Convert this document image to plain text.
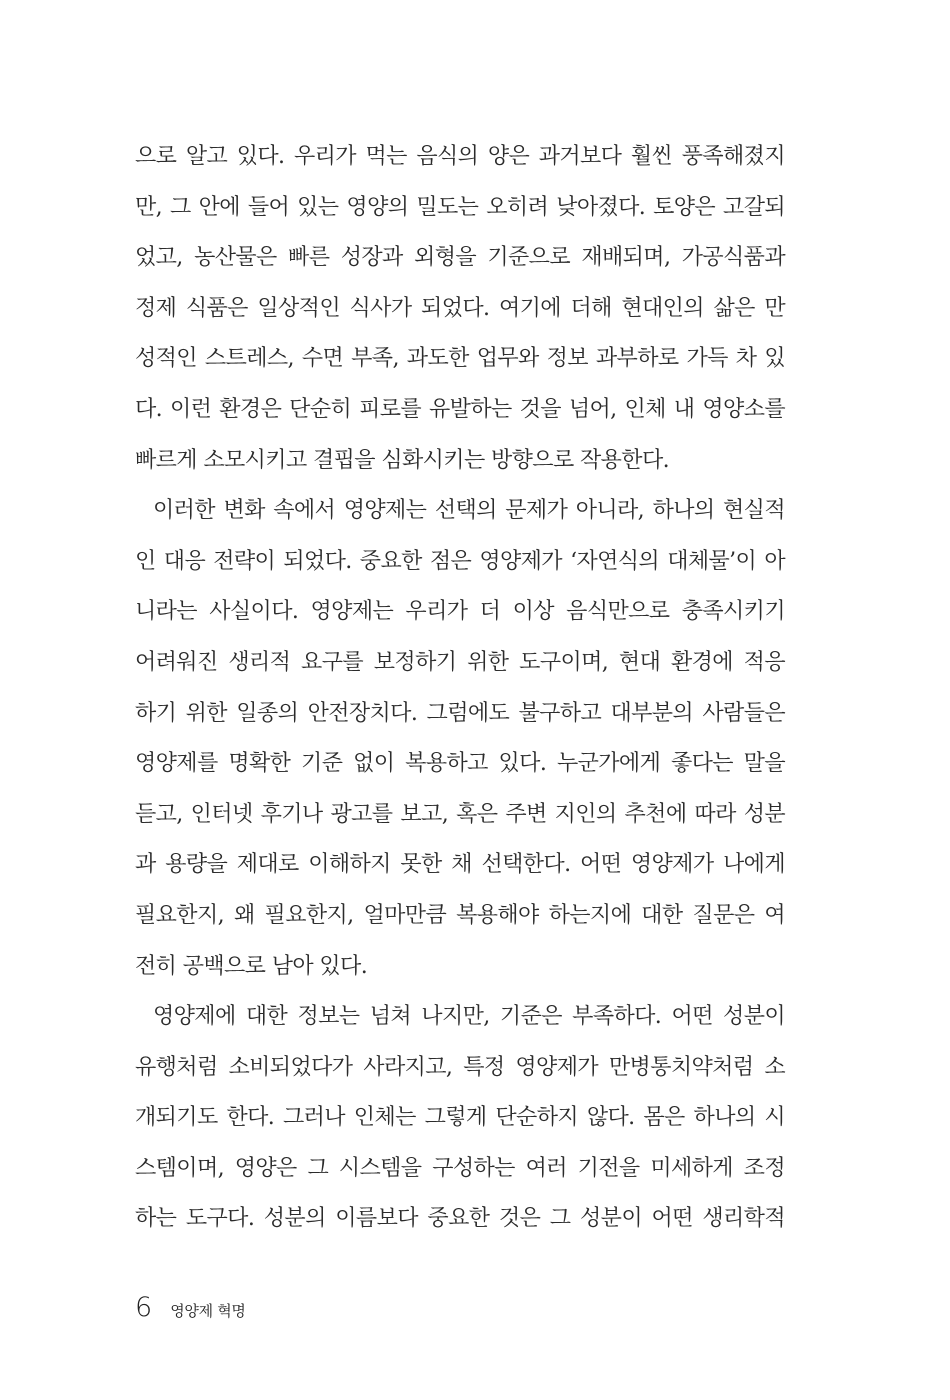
으로 알고 있다. 우리가 먹는 음식의 양은 과거보다 훨씬 풍족해졌지
만, 그 안에 들어 있는 영양의 밀도는 오히려 낮아졌다. 토양은 고갈되
었고, 농산물은 빠른 성장과 외형을 기준으로 재배되며, 가공식품과
정제 식품은 일상적인 식사가 되었다. 여기에 더해 현대인의 삶은 만
성적인 스트레스, 수면 부족, 과도한 업무와 정보 과부하로 가득 차 있
다. 이런 환경은 단순히 피로를 유발하는 것을 넘어, 인체 내 영양소를
빠르게 소모시키고 결핍을 심화시키는 방향으로 작용한다.
이러한 변화 속에서 영양제는 선택의 문제가 아니라, 하나의 현실적
인 대응 전략이 되었다. 중요한 점은 영양제가 ‘자연식의 대체물’이 아
니라는 사실이다. 영양제는 우리가 더 이상 음식만으로 충족시키기
어려워진 생리적 요구를 보정하기 위한 도구이며, 현대 환경에 적응
하기 위한 일종의 안전장치다. 그럼에도 불구하고 대부분의 사람들은
영양제를 명확한 기준 없이 복용하고 있다. 누군가에게 좋다는 말을
듣고, 인터넷 후기나 광고를 보고, 혹은 주변 지인의 추천에 따라 성분
과 용량을 제대로 이해하지 못한 채 선택한다. 어떤 영양제가 나에게
필요한지, 왜 필요한지, 얼마만큼 복용해야 하는지에 대한 질문은 여
전히 공백으로 남아 있다.
영양제에 대한 정보는 넘쳐 나지만, 기준은 부족하다. 어떤 성분이
유행처럼 소비되었다가 사라지고, 특정 영양제가 만병통치약처럼 소
개되기도 한다. 그러나 인체는 그렇게 단순하지 않다. 몸은 하나의 시
스템이며, 영양은 그 시스템을 구성하는 여러 기전을 미세하게 조정
하는 도구다. 성분의 이름보다 중요한 것은 그 성분이 어떤 생리학적
6 영양제 혁명
